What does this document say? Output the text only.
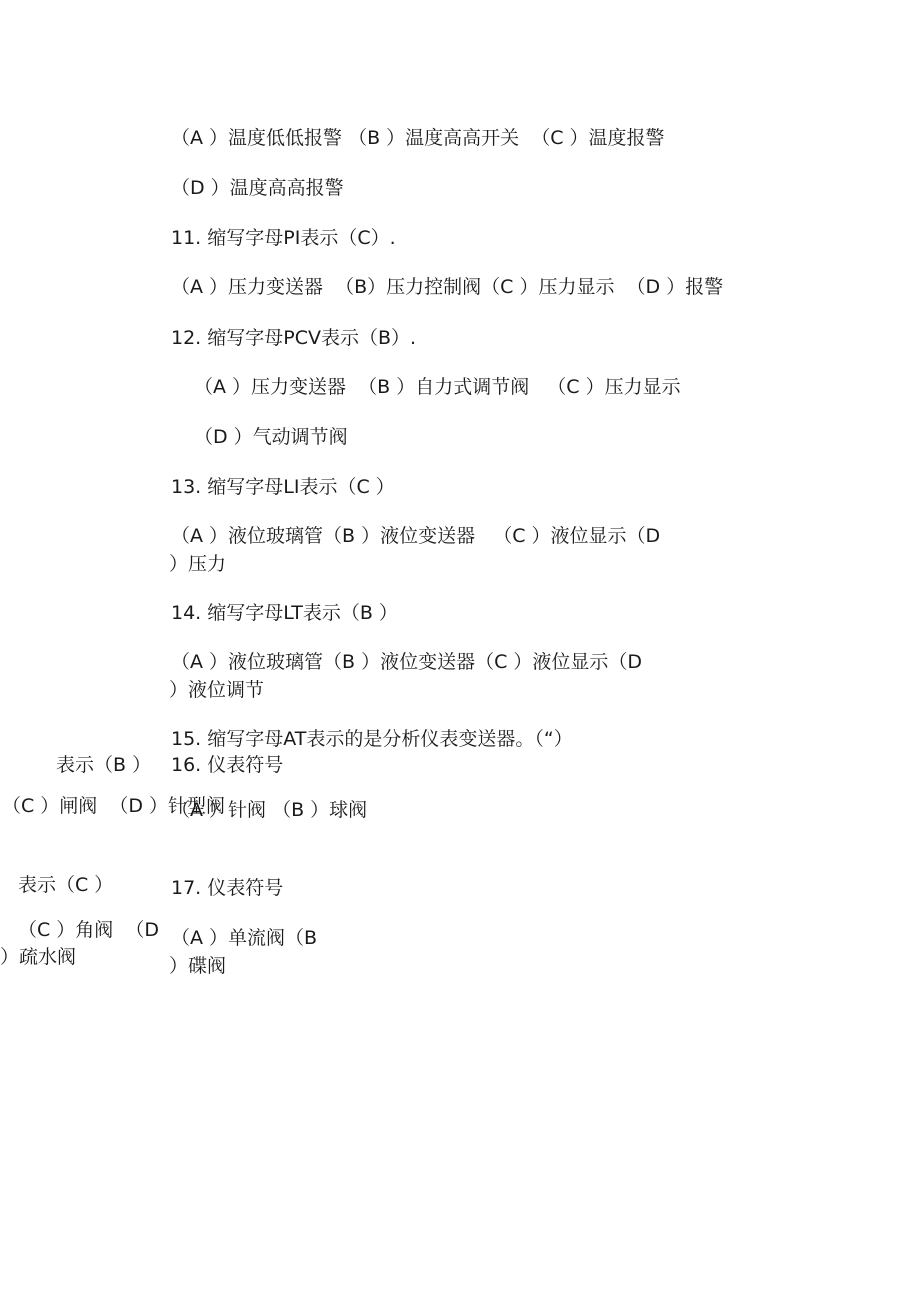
（A ）温度低低报警 （B ）温度高高开关  （C ）温度报警
（D ）温度高高报警
11. 缩写字母PI表示（C）.
（A ）压力变送器  （B）压力控制阀（C ）压力显示  （D ）报警
12. 缩写字母PCV表示（B）.
（A ）压力变送器  （B ）自力式调节阀   （C ）压力显示
（D ）气动调节阀
13. 缩写字母LI表示（C ）
（A ）液位玻璃管（B ）液位变送器   （C ）液位显示（D
）压力
14. 缩写字母LT表示（B ）
（A ）液位玻璃管（B ）液位变送器（C ）液位显示（D
）液位调节
15. 缩写字母AT表示的是分析仪表变送器。（“）
16. 仪表符号
表示（B ）
（C ）闸阀  （D ）针型阀
（A ）针阀 （B ）球阀
表示（C ）	17. 仪表符号
（C ）角阀  （D
）疏水阀
（A ）单流阀（B
）碟阀
